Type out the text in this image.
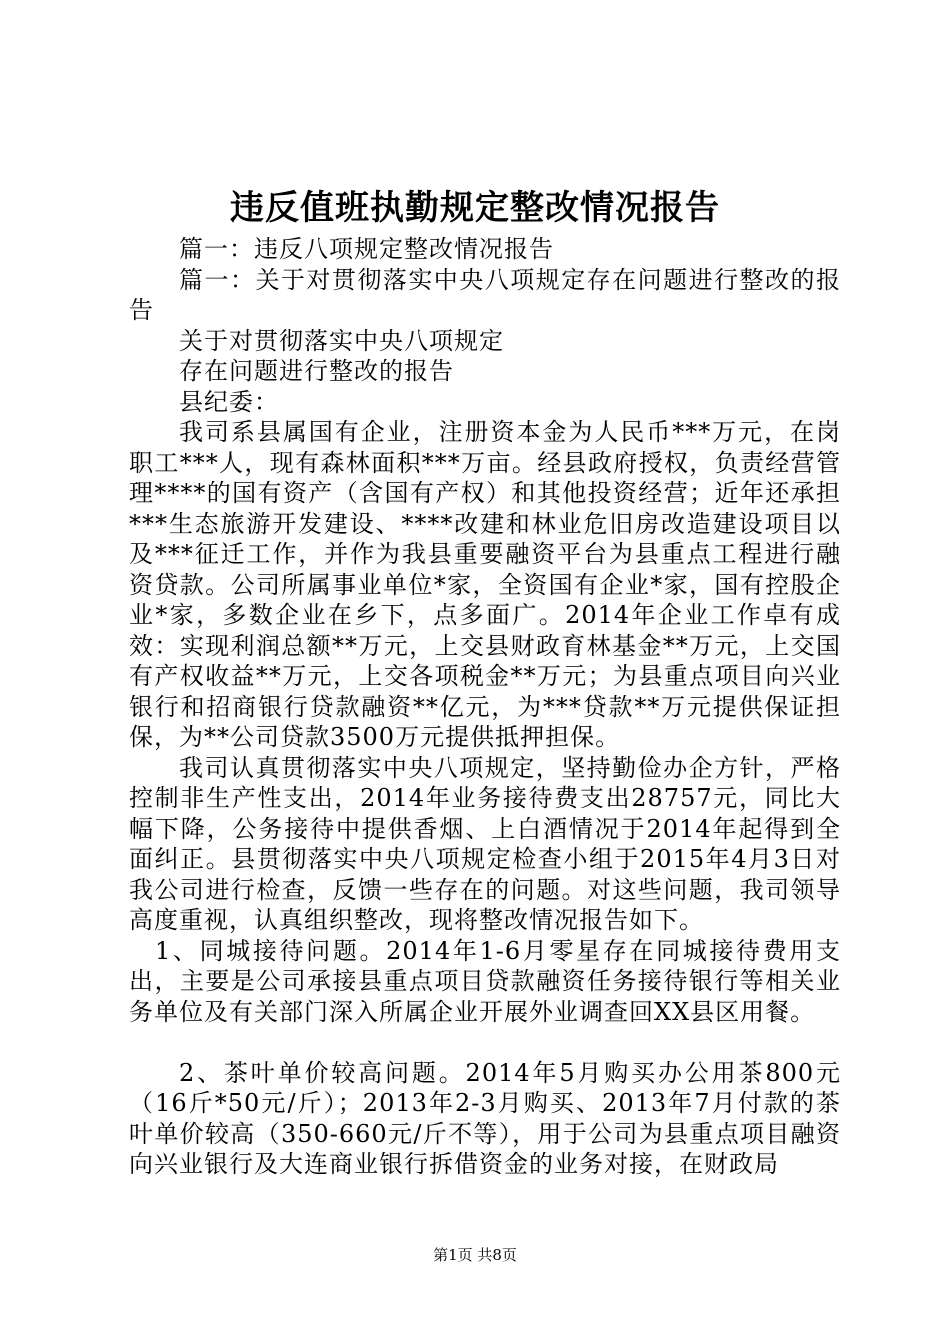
违反值班执勤规定整改情况报告

篇一：违反八项规定整改情况报告

篇一：关于对贯彻落实中央八项规定存在问题进行整改的报告

关于对贯彻落实中央八项规定

存在问题进行整改的报告

县纪委：

我司系县属国有企业，注册资本金为人民币***万元，在岗职工***人，现有森林面积***万亩。经县政府授权，负责经营管理****的国有资产（含国有产权）和其他投资经营；近年还承担***生态旅游开发建设、****改建和林业危旧房改造建设项目以及***征迁工作，并作为我县重要融资平台为县重点工程进行融资贷款。公司所属事业单位*家，全资国有企业*家，国有控股企业*家，多数企业在乡下，点多面广。2014年企业工作卓有成效：实现利润总额**万元，上交县财政育林基金**万元，上交国有产权收益**万元，上交各项税金**万元；为县重点项目向兴业银行和招商银行贷款融资**亿元，为***贷款**万元提供保证担保，为**公司贷款3500万元提供抵押担保。

我司认真贯彻落实中央八项规定，坚持勤俭办企方针，严格控制非生产性支出，2014年业务接待费支出28757元，同比大幅下降，公务接待中提供香烟、上白酒情况于2014年起得到全面纠正。县贯彻落实中央八项规定检查小组于2015年4月3日对我公司进行检查，反馈一些存在的问题。对这些问题，我司领导高度重视，认真组织整改，现将整改情况报告如下。

1、同城接待问题。2014年1-6月零星存在同城接待费用支出，主要是公司承接县重点项目贷款融资任务接待银行等相关业务单位及有关部门深入所属企业开展外业调查回XX县区用餐。

2、茶叶单价较高问题。2014年5月购买办公用茶800元（16斤*50元/斤）；2013年2-3月购买、2013年7月付款的茶叶单价较高（350-660元/斤不等），用于公司为县重点项目融资向兴业银行及大连商业银行拆借资金的业务对接，在财政局

第1页 共8页
